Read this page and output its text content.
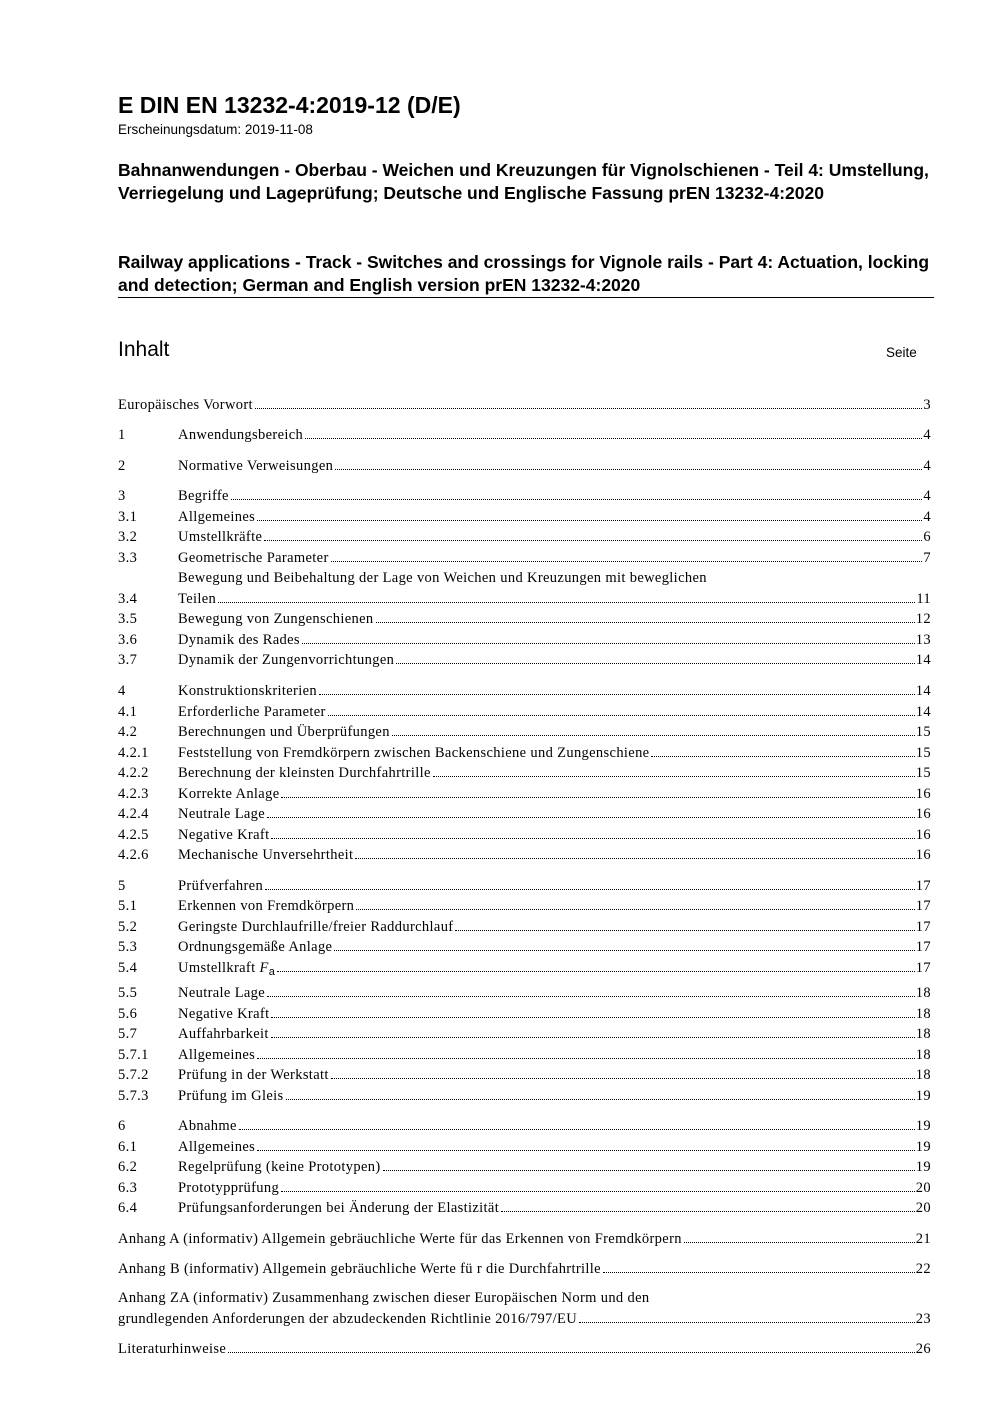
E DIN EN 13232-4:2019-12 (D/E)
Erscheinungsdatum: 2019-11-08

Bahnanwendungen - Oberbau - Weichen und Kreuzungen für Vignolschienen - Teil 4: Umstellung, Verriegelung und Lageprüfung; Deutsche und Englische Fassung prEN 13232-4:2020

Railway applications - Track - Switches and crossings for Vignole rails - Part 4: Actuation, locking and detection; German and English version prEN 13232-4:2020

Inhalt	Seite
Europäisches Vorwort	3
1	Anwendungsbereich	4
2	Normative Verweisungen	4
3	Begriffe	4
3.1	Allgemeines	4
3.2	Umstellkräfte	6
3.3	Geometrische Parameter	7
Bewegung und Beibehaltung der Lage von Weichen und Kreuzungen mit beweglichen
3.4	Teilen	11
3.5	Bewegung von Zungenschienen	12
3.6	Dynamik des Rades	13
3.7	Dynamik der Zungenvorrichtungen	14
4	Konstruktionskriterien	14
4.1	Erforderliche Parameter	14
4.2	Berechnungen und Überprüfungen	15
4.2.1 Feststellung von Fremdkörpern zwischen Backenschiene und Zungenschiene	15
4.2.2 Berechnung der kleinsten Durchfahrtrille	15
4.2.3 Korrekte Anlage	16
4.2.4 Neutrale Lage	16
4.2.5 Negative Kraft	16
4.2.6 Mechanische Unversehrtheit	16
5	Prüfverfahren	17
5.1	Erkennen von Fremdkörpern	17
5.2	Geringste Durchlaufrille/freier Raddurchlauf	17
5.3	Ordnungsgemäße Anlage	17
5.4	Umstellkraft $F_a$	17
5.5	Neutrale Lage	18
5.6	Negative Kraft	18
5.7	Auffahrbarkeit	18
5.7.1 Allgemeines	18
5.7.2 Prüfung in der Werkstatt	18
5.7.3 Prüfung im Gleis	19
6	Abnahme	19
6.1	Allgemeines	19
6.2	Regelprüfung (keine Prototypen)	19
6.3	Prototypprüfung	20
6.4	Prüfungsanforderungen bei Änderung der Elastizität	20
Anhang A (informativ) Allgemein gebräuchliche Werte für das Erkennen von Fremdkörpern	21
Anhang B (informativ) Allgemein gebräuchliche Werte fü r die Durchfahrtrille	22
Anhang ZA (informativ) Zusammenhang zwischen dieser Europäischen Norm und den
grundlegenden Anforderungen der abzudeckenden Richtlinie 2016/797/EU	23
Literaturhinweise	26
